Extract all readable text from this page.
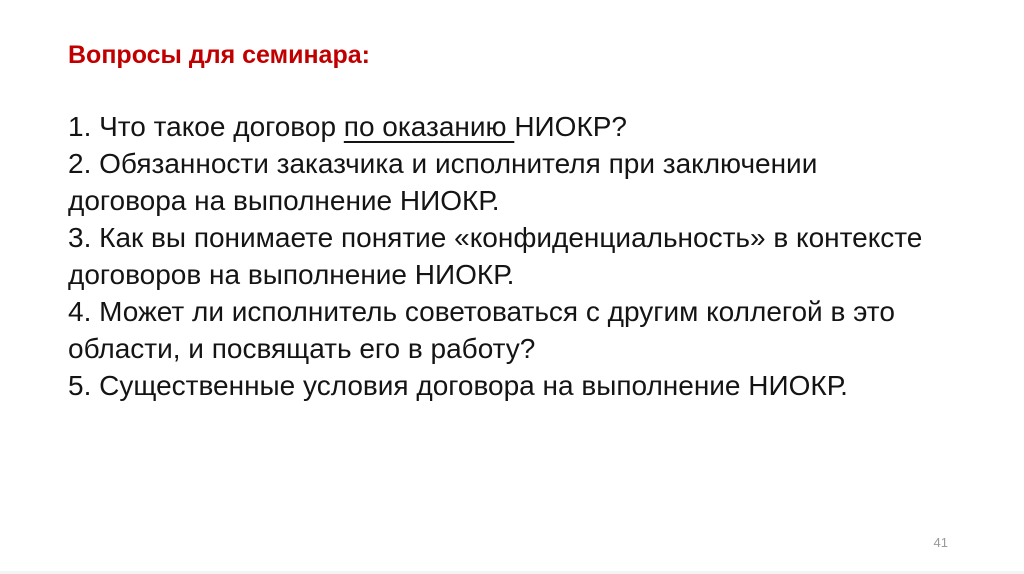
Вопросы для семинара:

1. Что такое договор по оказанию НИОКР?

2. Обязанности заказчика и исполнителя при заключении договора на выполнение НИОКР.

3. Как вы понимаете понятие «конфиденциальность» в контексте договоров на выполнение НИОКР.

4. Может ли исполнитель советоваться с другим коллегой в это области, и посвящать его в работу?

5. Существенные условия договора на выполнение НИОКР.

41
